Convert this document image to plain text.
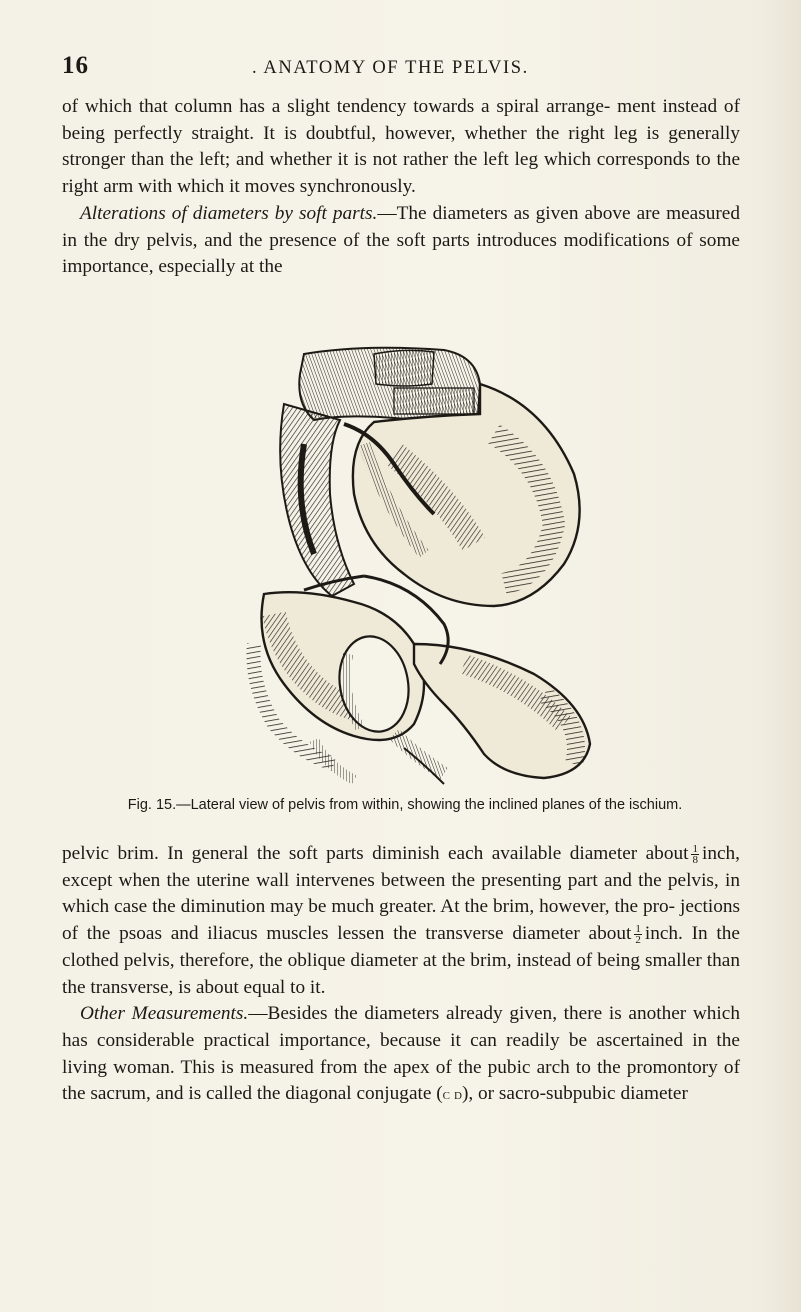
16	. ANATOMY OF THE PELVIS.

of which that column has a slight tendency towards a spiral arrange- ment instead of being perfectly straight. It is doubtful, however, whether the right leg is generally stronger than the left; and whether it is not rather the left leg which corresponds to the right arm with which it moves synchronously.

Alterations of diameters by soft parts.—The diameters as given above are measured in the dry pelvis, and the presence of the soft parts introduces modifications of some importance, especially at the

Fig. 15.—Lateral view of pelvis from within, showing the inclined planes of the ischium.

pelvic brim. In general the soft parts diminish each available diameter about $\frac{1}{8}$ inch, except when the uterine wall intervenes between the presenting part and the pelvis, in which case the diminution may be much greater. At the brim, however, the pro- jections of the psoas and iliacus muscles lessen the transverse diameter about $\frac{1}{2}$ inch. In the clothed pelvis, therefore, the oblique diameter at the brim, instead of being smaller than the transverse, is about equal to it.

Other Measurements.—Besides the diameters already given, there is another which has considerable practical importance, because it can readily be ascertained in the living woman. This is measured from the apex of the pubic arch to the promontory of the sacrum, and is called the diagonal conjugate (c d), or sacro-subpubic diameter
